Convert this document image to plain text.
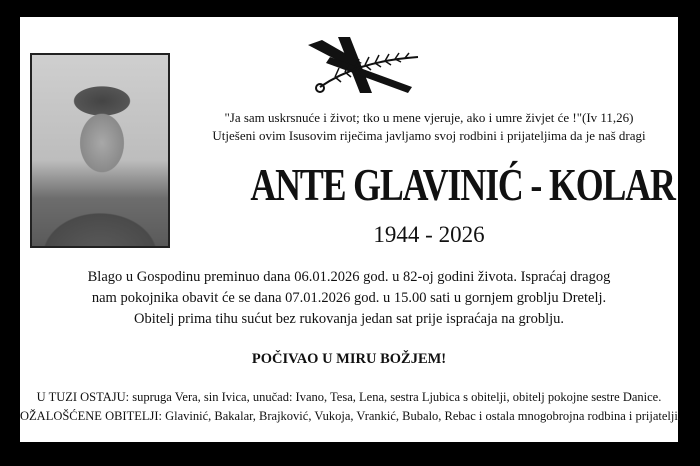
"Ja sam uskrsnuće i život; tko u mene vjeruje, ako i umre živjet će !"(Iv 11,26)
Utješeni ovim Isusovim riječima javljamo svoj rodbini i prijateljima da je naš dragi
ANTE GLAVINIĆ - KOLAR
1944 - 2026
Blago u Gospodinu preminuo dana 06.01.2026 god. u 82-oj godini života. Ispraćaj dragog
nam pokojnika obavit će se dana 07.01.2026 god. u 15.00 sati u gornjem groblju Dretelj.
Obitelj prima tihu sućut bez rukovanja jedan sat prije ispraćaja na groblju.
POČIVAO U MIRU BOŽJEM!
U TUZI OSTAJU: supruga Vera, sin Ivica, unučad: Ivano, Tesa, Lena, sestra Ljubica s obitelji, obitelj pokojne sestre Danice.
OŽALOŠĆENE OBITELJI: Glavinić, Bakalar, Brajković, Vukoja, Vrankić, Bubalo, Rebac i ostala mnogobrojna rodbina i prijatelji.
